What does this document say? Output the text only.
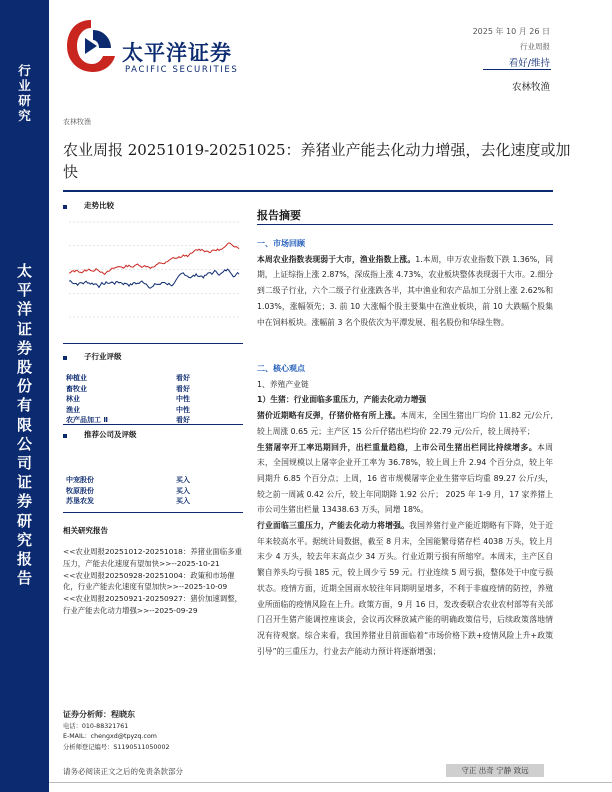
行
业
研
究
太
平
洋
证
券
股
份
有
限
公
司
证
券
研
究
报
告
太平洋证券
PACIFIC SECURITIES
2025 年 10 月 26 日
行业周报
看好/维持
农林牧渔
农林牧渔
农业周报 20251019-20251025：养猪业产能去化动力增强，去化速度或加快
走势比较
子行业评级
种植业	看好
畜牧业	看好
林业	中性
渔业	中性
农产品加工 Ⅱ	看好
推荐公司及评级
中宠股份	买入
牧原股份	买入
苏垦农发	买入
相关研究报告

<<农业周报20251012-20251018：养猪业面临多重压力，产能去化速度有望加快>>--2025-10-21

<<农业周报20250928-20251004：政策和市场催化，行业产能去化速度有望加快>>--2025-10-09

<<农业周报20250921-20250927：猪价加速调整，行业产能去化动力增强>>--2025-09-29

证券分析师：程晓东
电话：010-88321761
E-MAIL：chengxd@tpyzq.com
分析师登记编号：S1190511050002
报告摘要

一、市场回顾

本周农业指数表现弱于大市，渔业指数上涨。1.本周，申万农业指数下跌 1.36%，同期，上证综指上涨 2.87%，深成指上涨 4.73%，农业板块整体表现弱于大市。2.细分到二级子行业，六个二级子行业涨跌各半，其中渔业和农产品加工分别上涨 2.62%和 1.03%，涨幅领先；3. 前 10 大涨幅个股主要集中在渔业板块，前 10 大跌幅个股集中在饲料板块。涨幅前 3 名个股依次为平潭发展、租名股份和华绿生物。

二、核心观点

1、养殖产业链

1）生猪：行业面临多重压力，产能去化动力增强

猪价近期略有反弹，仔猪价格有所上涨。本周末，全国生猪出厂均价 11.82 元/公斤,较上周涨 0.65 元；主产区 15 公斤仔猪出栏均价 22.79 元/公斤，较上周持平；

生猪屠宰开工率迅期回升，出栏重量趋稳，上市公司生猪出栏同比持续增多。本周末，全国规模以上屠宰企业开工率为 36.78%，较上周上升 2.94 个百分点，较上年同期升 6.85 个百分点；上周，16 省市规模屠宰企业生猪宰后均重 89.27 公斤/头，较之前一周减 0.42 公斤，较上年同期降 1.92 公斤； 2025 年 1-9 月，17 家养猪上市公司生猪出栏量 13438.63 万头，同增 18%。

行业面临三重压力，产能去化动力将增强。我国养猪行业产能近期略有下降，处于近年来较高水平。据统计局数据，截至 8 月末，全国能繁母猪存栏 4038 万头，较上月末少 4 万头，较去年末高点少 34 万头。行业近期亏损有所缩窄。本周末，主产区自繁自养头均亏损 185 元，较上周少亏 59 元。行业连续 5 周亏损，整体处于中度亏损状态。疫情方面，近期全国雨水较往年同期明显增多，不利于非瘟疫情的防控，养殖业所面临的疫情风险在上升。政策方面，9 月 16 日，发改委联合农业农村部等有关部门召开生猪产能调控座谈会，会议再次释放减产能的明确政策信号，后续政策落地情况有待观察。综合来看，我国养猪业目前面临着“市场价格下跌+疫情风险上升+政策引导”的三重压力，行业去产能动力预计将逐渐增强；

请务必阅读正文之后的免责条款部分	守正 出奇 宁静 致远
